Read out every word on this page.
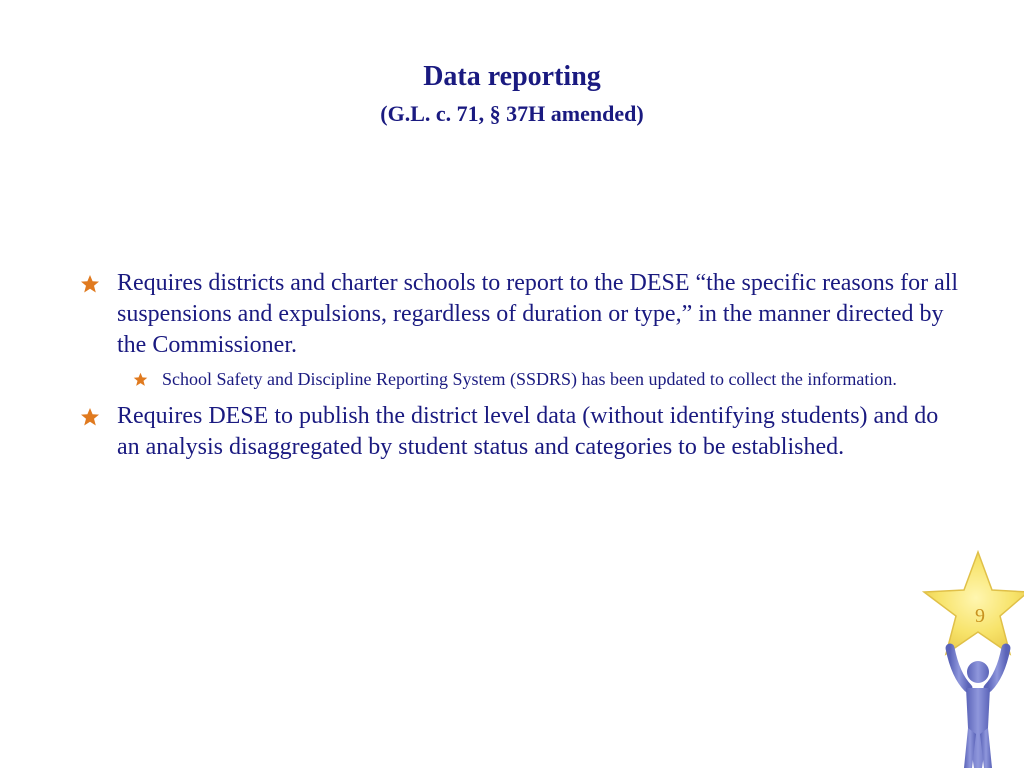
Data reporting
(G.L. c. 71, § 37H amended)
Requires districts and charter schools to report to the DESE “the specific reasons for all suspensions and expulsions, regardless of duration or type,” in the manner directed by the Commissioner.
School Safety and Discipline Reporting System (SSDRS) has been updated to collect the information.
Requires DESE to publish the district level data (without identifying students) and do an analysis disaggregated by student status and categories to be established.
9
